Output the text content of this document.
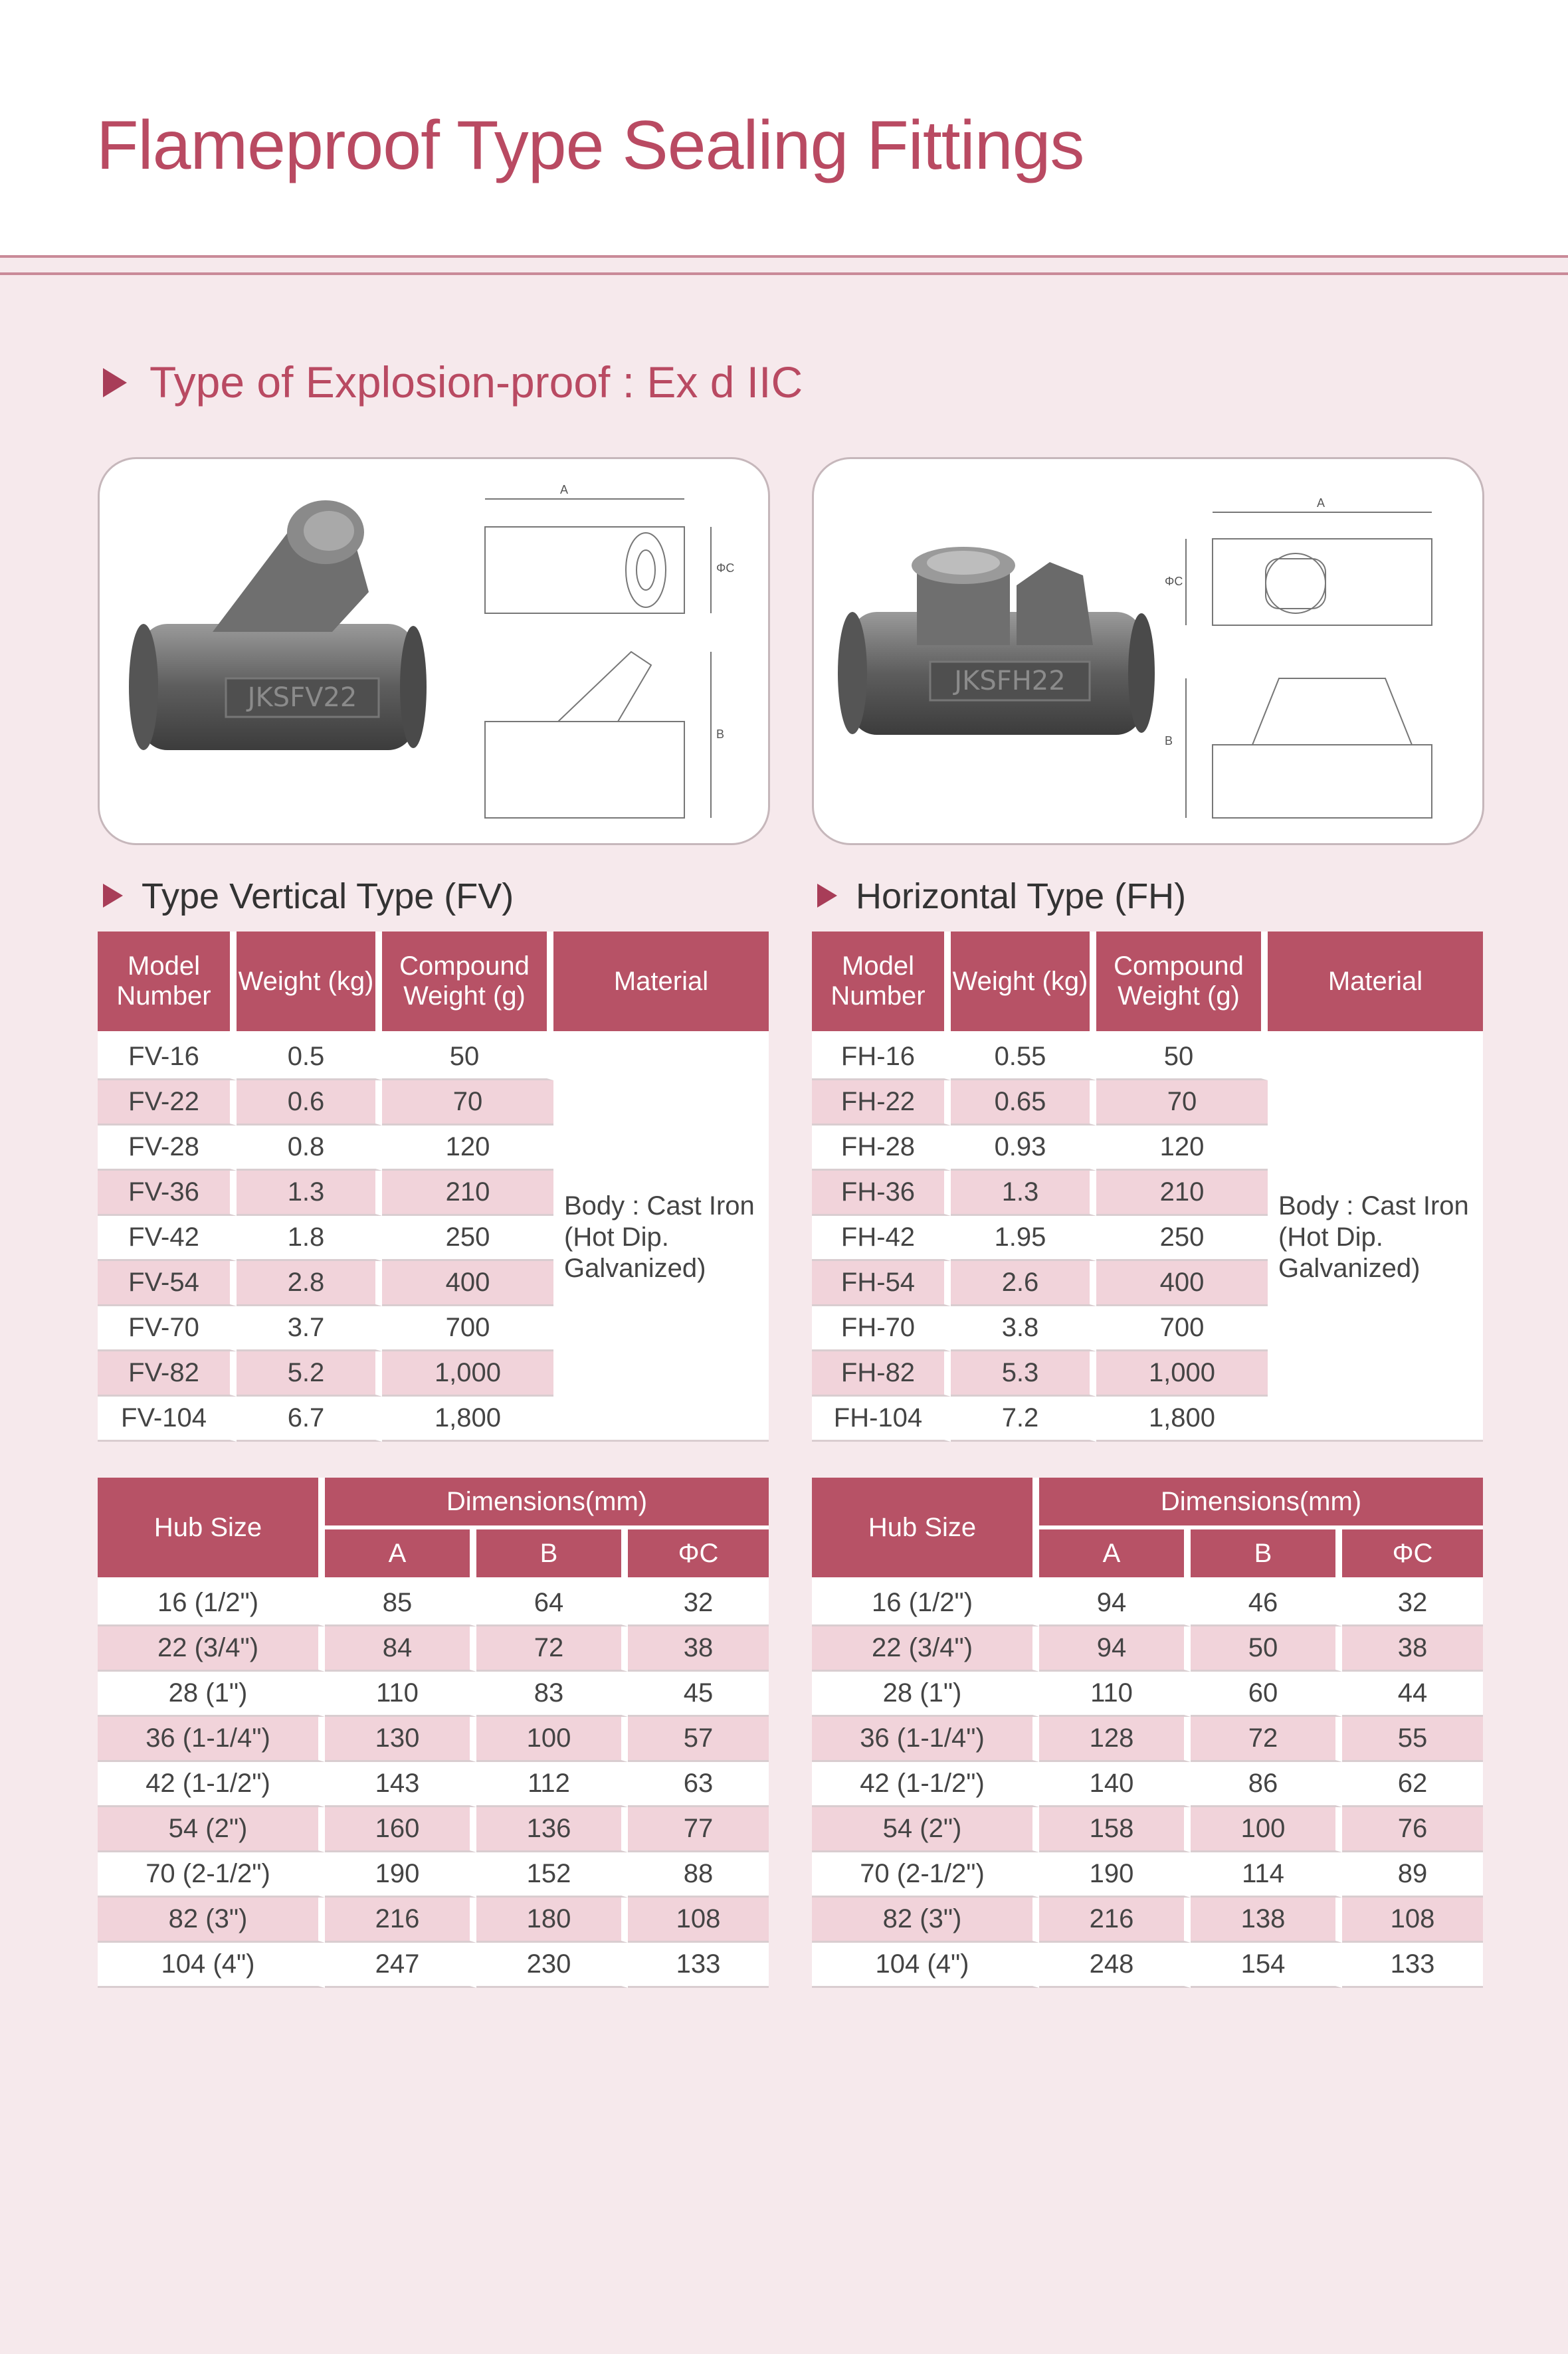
Flameproof Type Sealing Fittings
Type of Explosion-proof : Ex d IIC
JKSFV22
A
ΦC
B
JKSFH22
A
ΦC
B
Type Vertical Type (FV)	Horizontal Type (FH)
Model Number	Weight (kg)	Compound Weight (g)	Material
FV-16	0.5	50	Body : Cast Iron (Hot Dip. Galvanized)
FV-22	0.6	70	
FV-28	0.8	120	
FV-36	1.3	210	
FV-42	1.8	250	
FV-54	2.8	400	
FV-70	3.7	700	
FV-82	5.2	1,000	
FV-104	6.7	1,800	
Model Number	Weight (kg)	Compound Weight (g)	Material
FH-16	0.55	50	Body : Cast Iron (Hot Dip. Galvanized)
FH-22	0.65	70	
FH-28	0.93	120	
FH-36	1.3	210	
FH-42	1.95	250	
FH-54	2.6	400	
FH-70	3.8	700	
FH-82	5.3	1,000	
FH-104	7.2	1,800	
Hub Size	Dimensions(mm)		
	A	B	ΦC
16 (1/2")	85	64	32
22 (3/4")	84	72	38
28 (1")	110	83	45
36 (1-1/4")	130	100	57
42 (1-1/2")	143	112	63
54 (2")	160	136	77
70 (2-1/2")	190	152	88
82 (3")	216	180	108
104 (4")	247	230	133
Hub Size	Dimensions(mm)		
	A	B	ΦC
16 (1/2")	94	46	32
22 (3/4")	94	50	38
28 (1")	110	60	44
36 (1-1/4")	128	72	55
42 (1-1/2")	140	86	62
54 (2")	158	100	76
70 (2-1/2")	190	114	89
82 (3")	216	138	108
104 (4")	248	154	133
